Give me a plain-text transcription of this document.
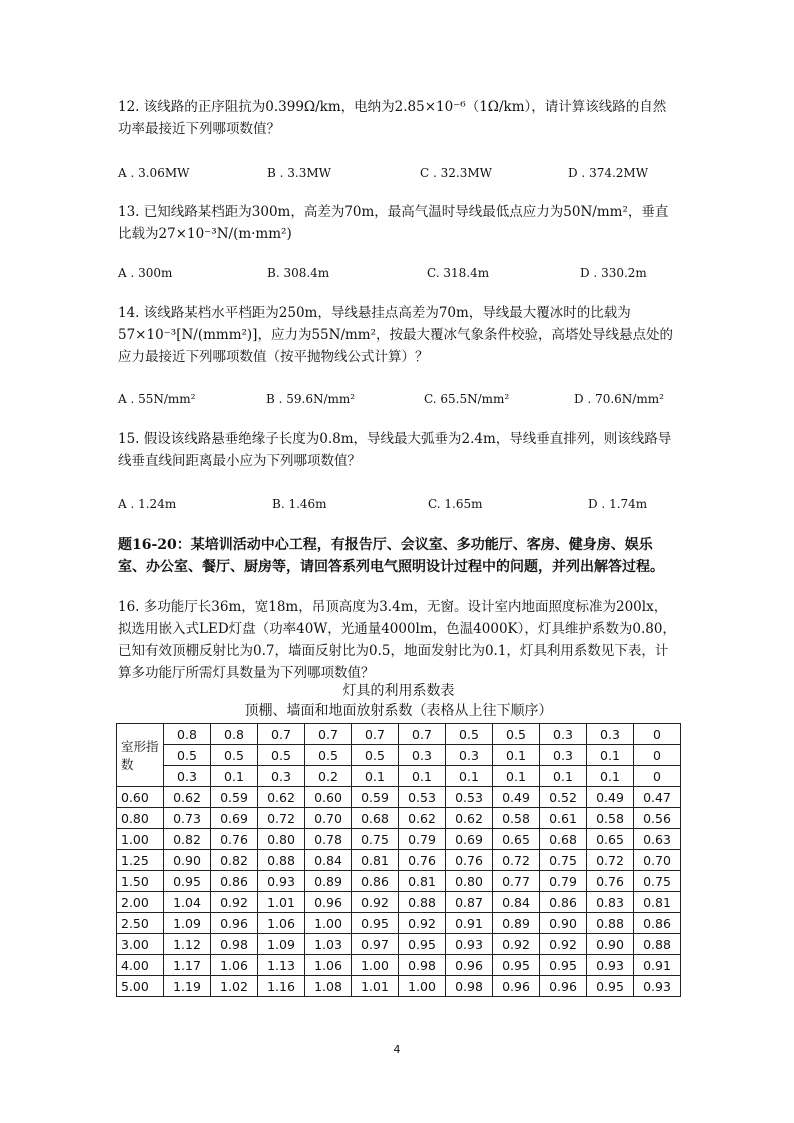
12. 该线路的正序阻抗为0.399Ω/km，电纳为2.85×10⁻⁶（1Ω/km），请计算该线路的自然功率最接近下列哪项数值？

A . 3.06MW	B . 3.3MW	C . 32.3MW	D . 374.2MW

13. 已知线路某档距为300m，高差为70m，最高气温时导线最低点应力为50N/mm²，垂直比载为27×10⁻³N/(m·mm²)

A . 300m	B. 308.4m	C. 318.4m	D . 330.2m

14. 该线路某档水平档距为250m，导线悬挂点高差为70m，导线最大覆冰时的比载为57×10⁻³[N/(mmm²)]，应力为55N/mm²，按最大覆冰气象条件校验，高塔处导线悬点处的应力最接近下列哪项数值（按平抛物线公式计算）？

A . 55N/mm²	B . 59.6N/mm²	C. 65.5N/mm²	D . 70.6N/mm²

15. 假设该线路悬垂绝缘子长度为0.8m，导线最大弧垂为2.4m，导线垂直排列，则该线路导线垂直线间距离最小应为下列哪项数值？

A . 1.24m	B. 1.46m	C. 1.65m	D . 1.74m

题16-20：某培训活动中心工程，有报告厅、会议室、多功能厅、客房、健身房、娱乐室、办公室、餐厅、厨房等，请回答系列电气照明设计过程中的问题，并列出解答过程。

16. 多功能厅长36m，宽18m，吊顶高度为3.4m，无窗。设计室内地面照度标准为200lx，拟选用嵌入式LED灯盘（功率40W，光通量4000lm，色温4000K），灯具维护系数为0.80，已知有效顶棚反射比为0.7，墙面反射比为0.5，地面发射比为0.1，灯具利用系数见下表，计算多功能厅所需灯具数量为下列哪项数值？

灯具的利用系数表
顶棚、墙面和地面放射系数（表格从上往下顺序）
室形指数	0.8	0.8	0.7	0.7	0.7	0.7	0.5	0.5	0.3	0.3	0
	0.5	0.5	0.5	0.5	0.5	0.3	0.3	0.1	0.3	0.1	0
	0.3	0.1	0.3	0.2	0.1	0.1	0.1	0.1	0.1	0.1	0
0.60	0.62	0.59	0.62	0.60	0.59	0.53	0.53	0.49	0.52	0.49	0.47
0.80	0.73	0.69	0.72	0.70	0.68	0.62	0.62	0.58	0.61	0.58	0.56
1.00	0.82	0.76	0.80	0.78	0.75	0.79	0.69	0.65	0.68	0.65	0.63
1.25	0.90	0.82	0.88	0.84	0.81	0.76	0.76	0.72	0.75	0.72	0.70
1.50	0.95	0.86	0.93	0.89	0.86	0.81	0.80	0.77	0.79	0.76	0.75
2.00	1.04	0.92	1.01	0.96	0.92	0.88	0.87	0.84	0.86	0.83	0.81
2.50	1.09	0.96	1.06	1.00	0.95	0.92	0.91	0.89	0.90	0.88	0.86
3.00	1.12	0.98	1.09	1.03	0.97	0.95	0.93	0.92	0.92	0.90	0.88
4.00	1.17	1.06	1.13	1.06	1.00	0.98	0.96	0.95	0.95	0.93	0.91
5.00	1.19	1.02	1.16	1.08	1.01	1.00	0.98	0.96	0.96	0.95	0.93
4
